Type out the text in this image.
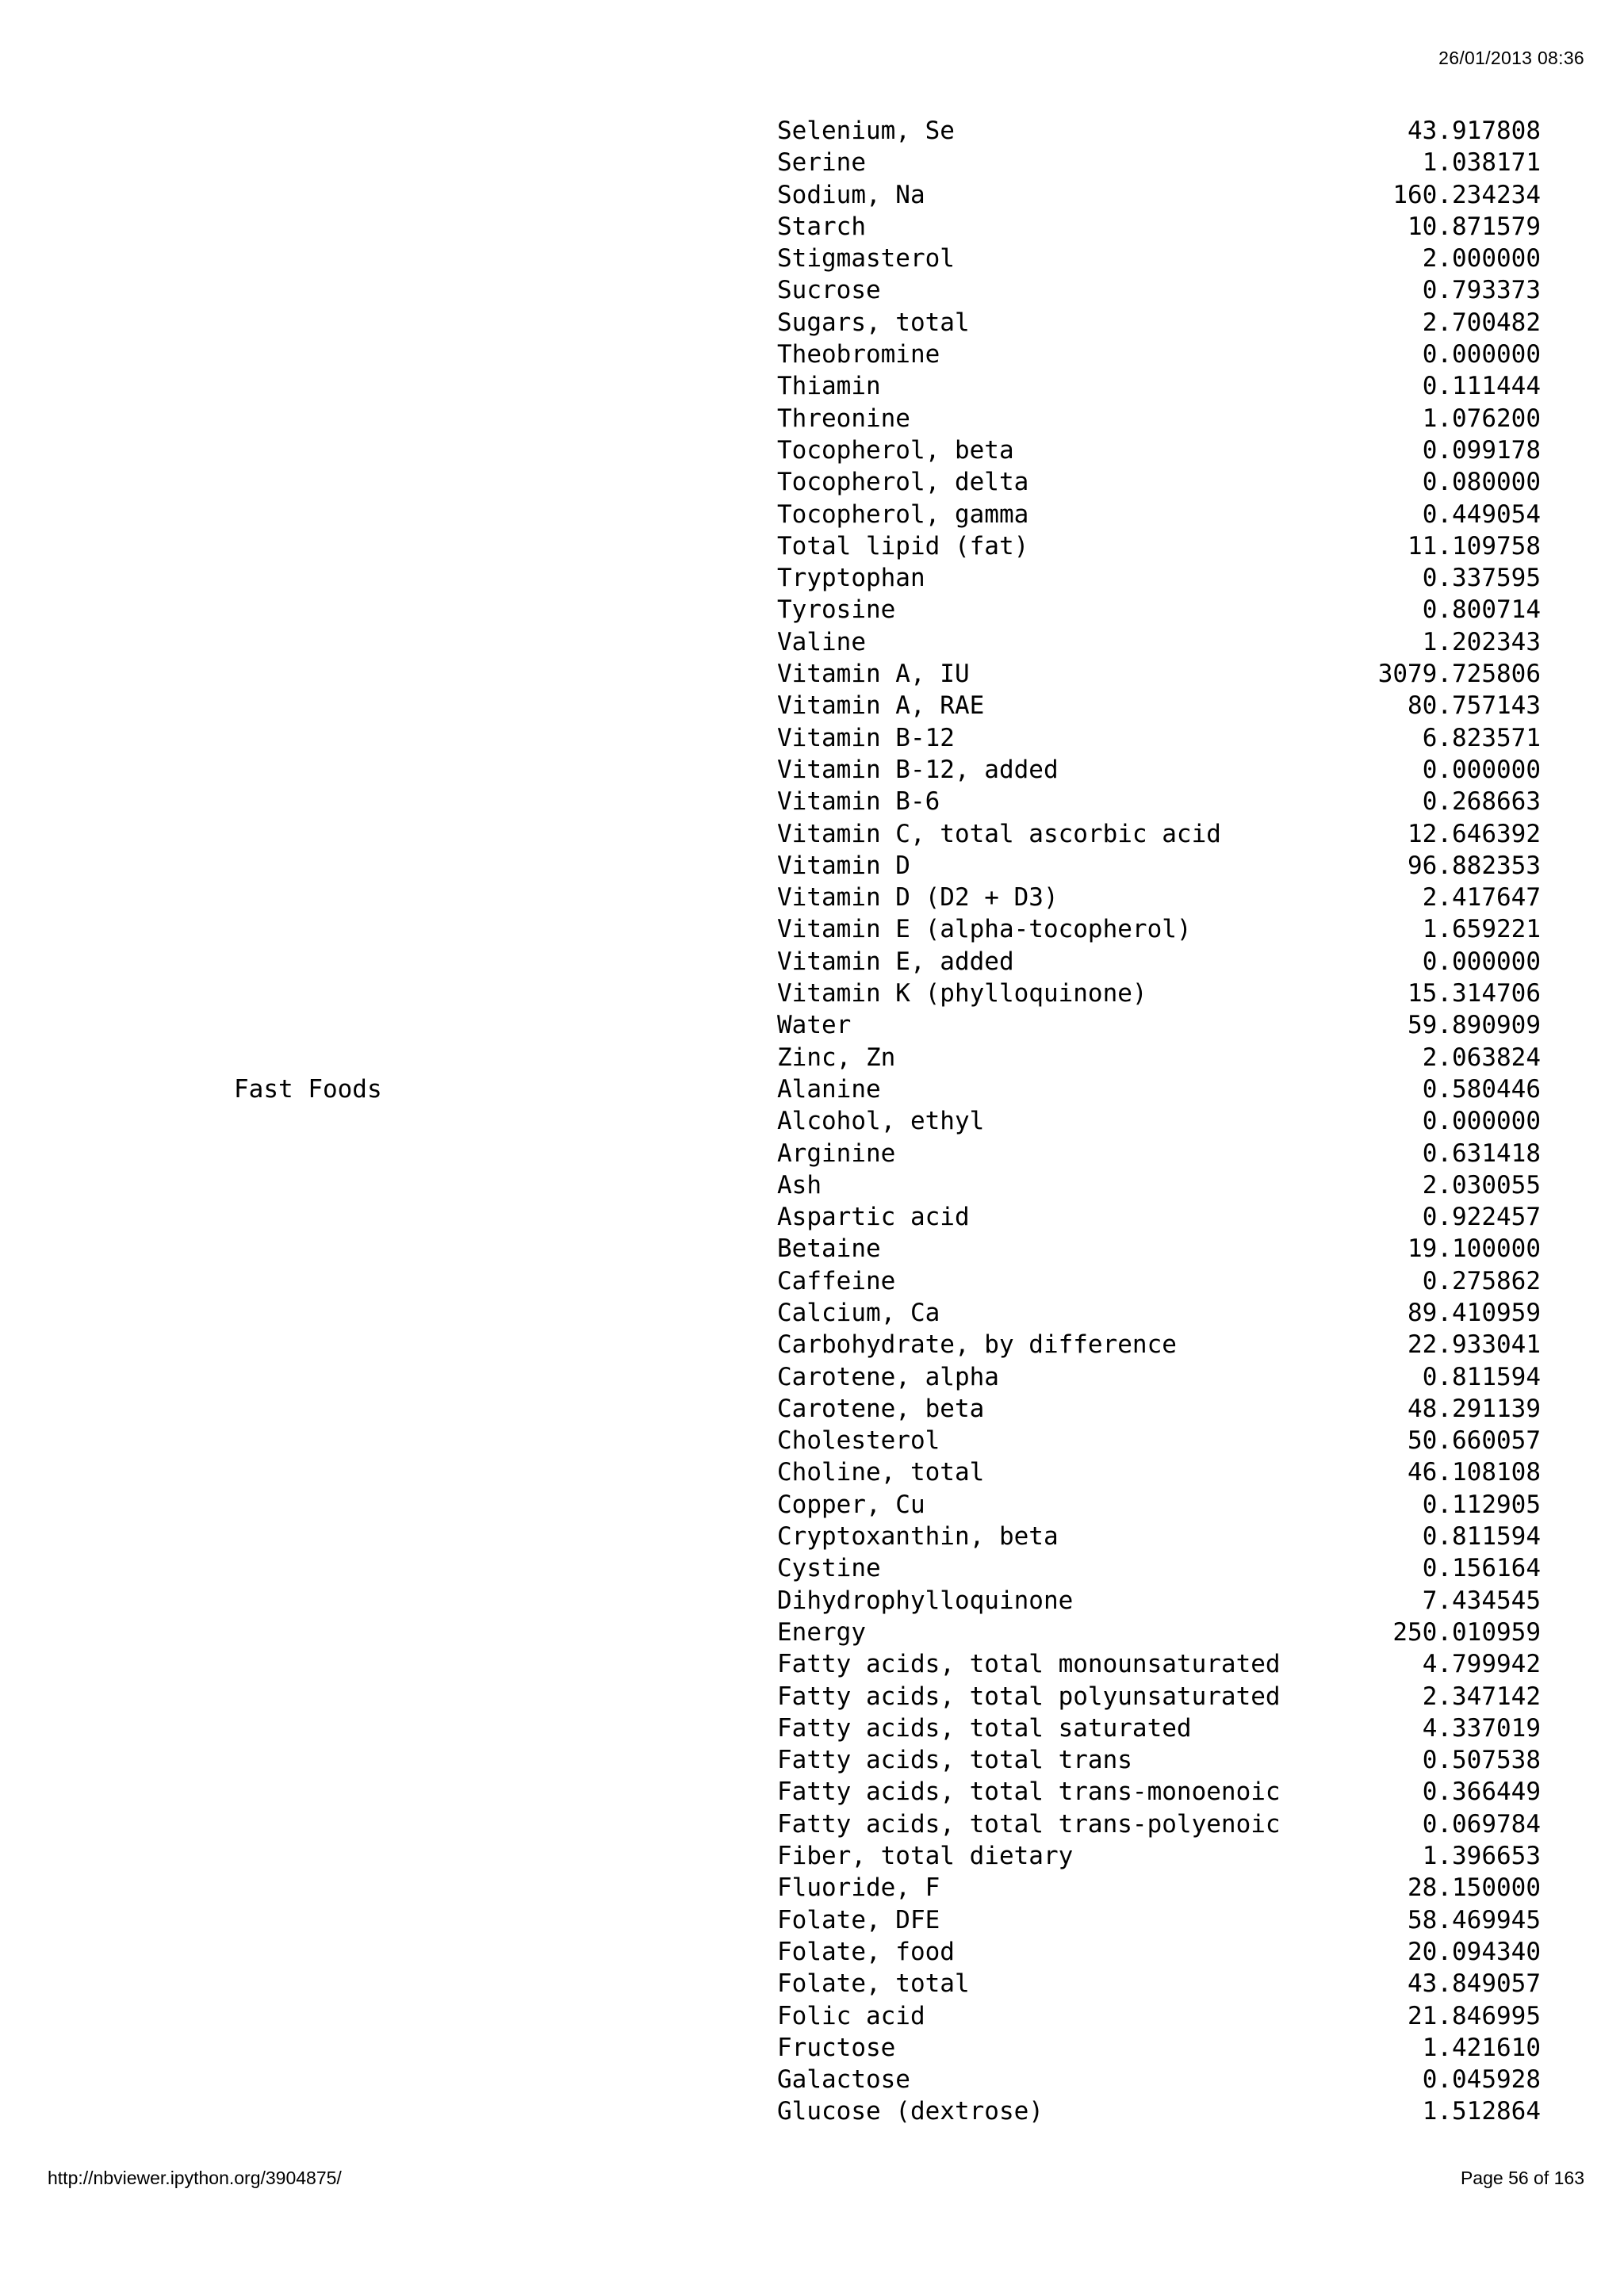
26/01/2013 08:36
Selenium, Se	43.917808
Serine	1.038171
Sodium, Na	160.234234
Starch	10.871579
Stigmasterol	2.000000
Sucrose	0.793373
Sugars, total	2.700482
Theobromine	0.000000
Thiamin	0.111444
Threonine	1.076200
Tocopherol, beta	0.099178
Tocopherol, delta	0.080000
Tocopherol, gamma	0.449054
Total lipid (fat)	11.109758
Tryptophan	0.337595
Tyrosine	0.800714
Valine	1.202343
Vitamin A, IU	3079.725806
Vitamin A, RAE	80.757143
Vitamin B-12	6.823571
Vitamin B-12, added	0.000000
Vitamin B-6	0.268663
Vitamin C, total ascorbic acid	12.646392
Vitamin D	96.882353
Vitamin D (D2 + D3)	2.417647
Vitamin E (alpha-tocopherol)	1.659221
Vitamin E, added	0.000000
Vitamin K (phylloquinone)	15.314706
Water	59.890909
Zinc, Zn	2.063824
Fast Foods	Alanine	0.580446
Alcohol, ethyl	0.000000
Arginine	0.631418
Ash	2.030055
Aspartic acid	0.922457
Betaine	19.100000
Caffeine	0.275862
Calcium, Ca	89.410959
Carbohydrate, by difference	22.933041
Carotene, alpha	0.811594
Carotene, beta	48.291139
Cholesterol	50.660057
Choline, total	46.108108
Copper, Cu	0.112905
Cryptoxanthin, beta	0.811594
Cystine	0.156164
Dihydrophylloquinone	7.434545
Energy	250.010959
Fatty acids, total monounsaturated	4.799942
Fatty acids, total polyunsaturated	2.347142
Fatty acids, total saturated	4.337019
Fatty acids, total trans	0.507538
Fatty acids, total trans-monoenoic	0.366449
Fatty acids, total trans-polyenoic	0.069784
Fiber, total dietary	1.396653
Fluoride, F	28.150000
Folate, DFE	58.469945
Folate, food	20.094340
Folate, total	43.849057
Folic acid	21.846995
Fructose	1.421610
Galactose	0.045928
Glucose (dextrose)	1.512864
http://nbviewer.ipython.org/3904875/	Page 56 of 163
